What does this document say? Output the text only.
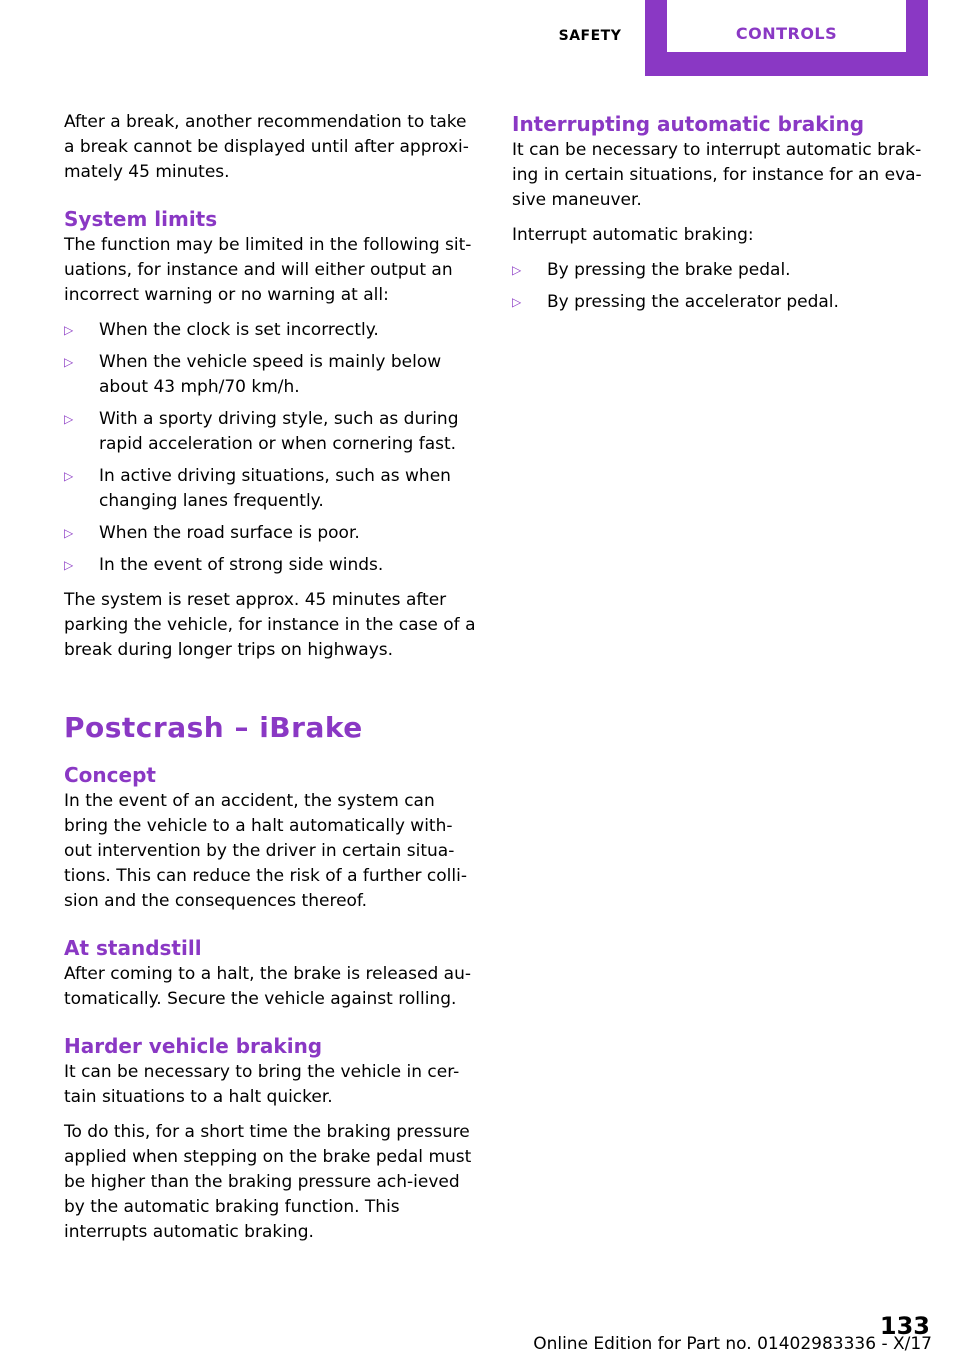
SAFETY	CONTROLS

After a break, another recommendation to take a break cannot be displayed until after approxi-mately 45 minutes.

System limits

The function may be limited in the following sit-uations, for instance and will either output an incorrect warning or no warning at all:

▷ When the clock is set incorrectly.
▷ When the vehicle speed is mainly below about 43 mph/70 km/h.
▷ With a sporty driving style, such as during rapid acceleration or when cornering fast.
▷ In active driving situations, such as when changing lanes frequently.
▷ When the road surface is poor.
▷ In the event of strong side winds.

The system is reset approx. 45 minutes after parking the vehicle, for instance in the case of a break during longer trips on highways.

Postcrash – iBrake
Concept

In the event of an accident, the system can bring the vehicle to a halt automatically with-out intervention by the driver in certain situa-tions. This can reduce the risk of a further colli-sion and the consequences thereof.

At standstill

After coming to a halt, the brake is released au-tomatically. Secure the vehicle against rolling.

Harder vehicle braking

It can be necessary to bring the vehicle in cer-tain situations to a halt quicker.

To do this, for a short time the braking pressure applied when stepping on the brake pedal must be higher than the braking pressure ach-ieved by the automatic braking function. This interrupts automatic braking.

Interrupting automatic braking

It can be necessary to interrupt automatic brak-ing in certain situations, for instance for an eva-sive maneuver.

Interrupt automatic braking:

▷ By pressing the brake pedal.
▷ By pressing the accelerator pedal.
133
Online Edition for Part no. 01402983336 - X/17
